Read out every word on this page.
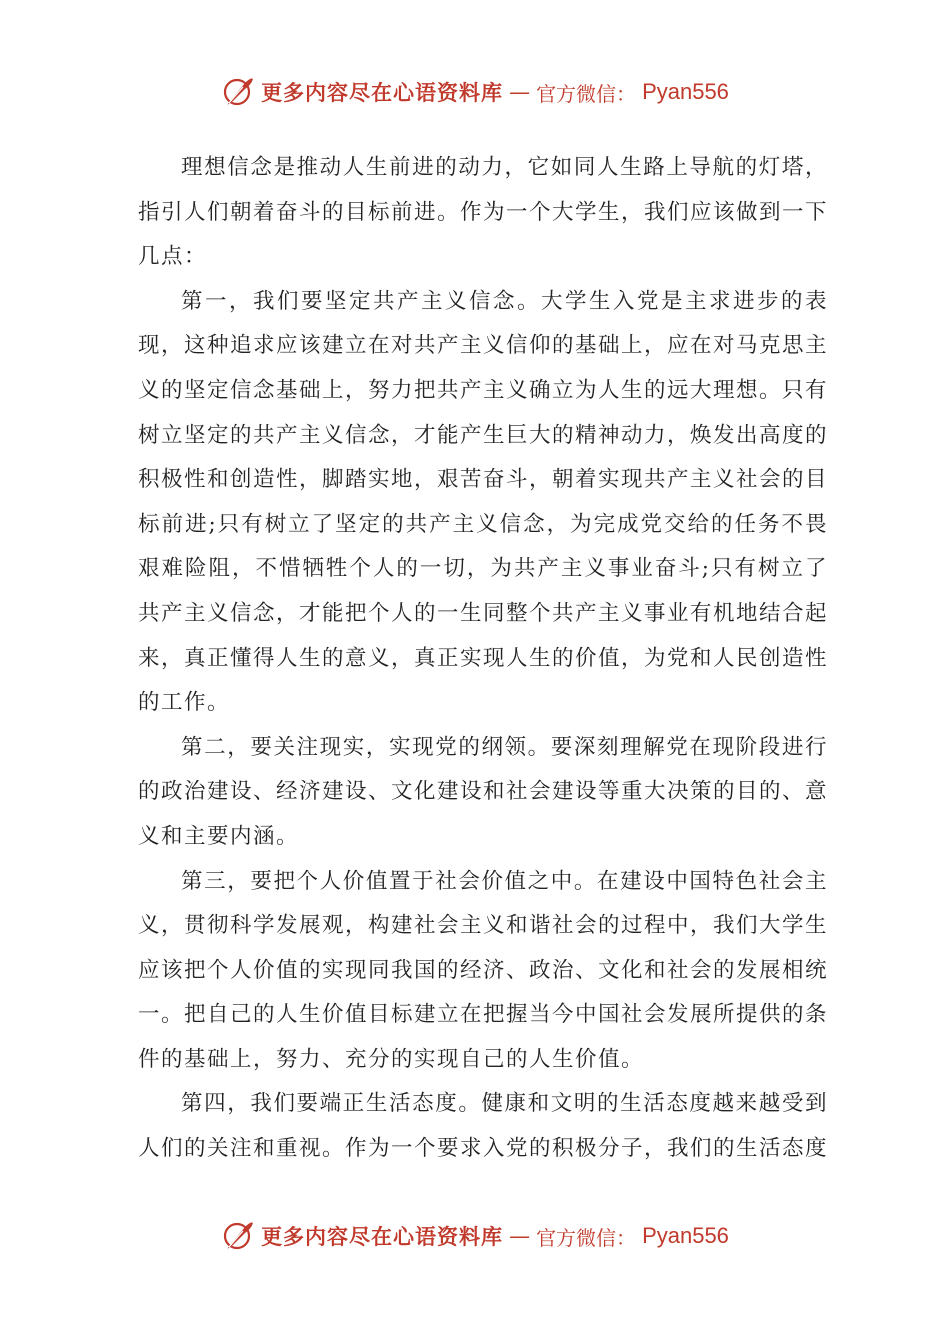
更多内容尽在心语资料库 — 官方微信： Pyan556

理想信念是推动人生前进的动力，它如同人生路上导航的灯塔，指引人们朝着奋斗的目标前进。作为一个大学生，我们应该做到一下几点：

第一，我们要坚定共产主义信念。大学生入党是主求进步的表现，这种追求应该建立在对共产主义信仰的基础上，应在对马克思主义的坚定信念基础上，努力把共产主义确立为人生的远大理想。只有树立坚定的共产主义信念，才能产生巨大的精神动力，焕发出高度的积极性和创造性，脚踏实地，艰苦奋斗，朝着实现共产主义社会的目标前进;只有树立了坚定的共产主义信念，为完成党交给的任务不畏艰难险阻，不惜牺牲个人的一切，为共产主义事业奋斗;只有树立了共产主义信念，才能把个人的一生同整个共产主义事业有机地结合起来，真正懂得人生的意义，真正实现人生的价值，为党和人民创造性的工作。

第二，要关注现实，实现党的纲领。要深刻理解党在现阶段进行的政治建设、经济建设、文化建设和社会建设等重大决策的目的、意义和主要内涵。

第三，要把个人价值置于社会价值之中。在建设中国特色社会主义，贯彻科学发展观，构建社会主义和谐社会的过程中，我们大学生应该把个人价值的实现同我国的经济、政治、文化和社会的发展相统一。把自己的人生价值目标建立在把握当今中国社会发展所提供的条件的基础上，努力、充分的实现自己的人生价值。

第四，我们要端正生活态度。健康和文明的生活态度越来越受到人们的关注和重视。作为一个要求入党的积极分子，我们的生活态度

更多内容尽在心语资料库 — 官方微信： Pyan556
